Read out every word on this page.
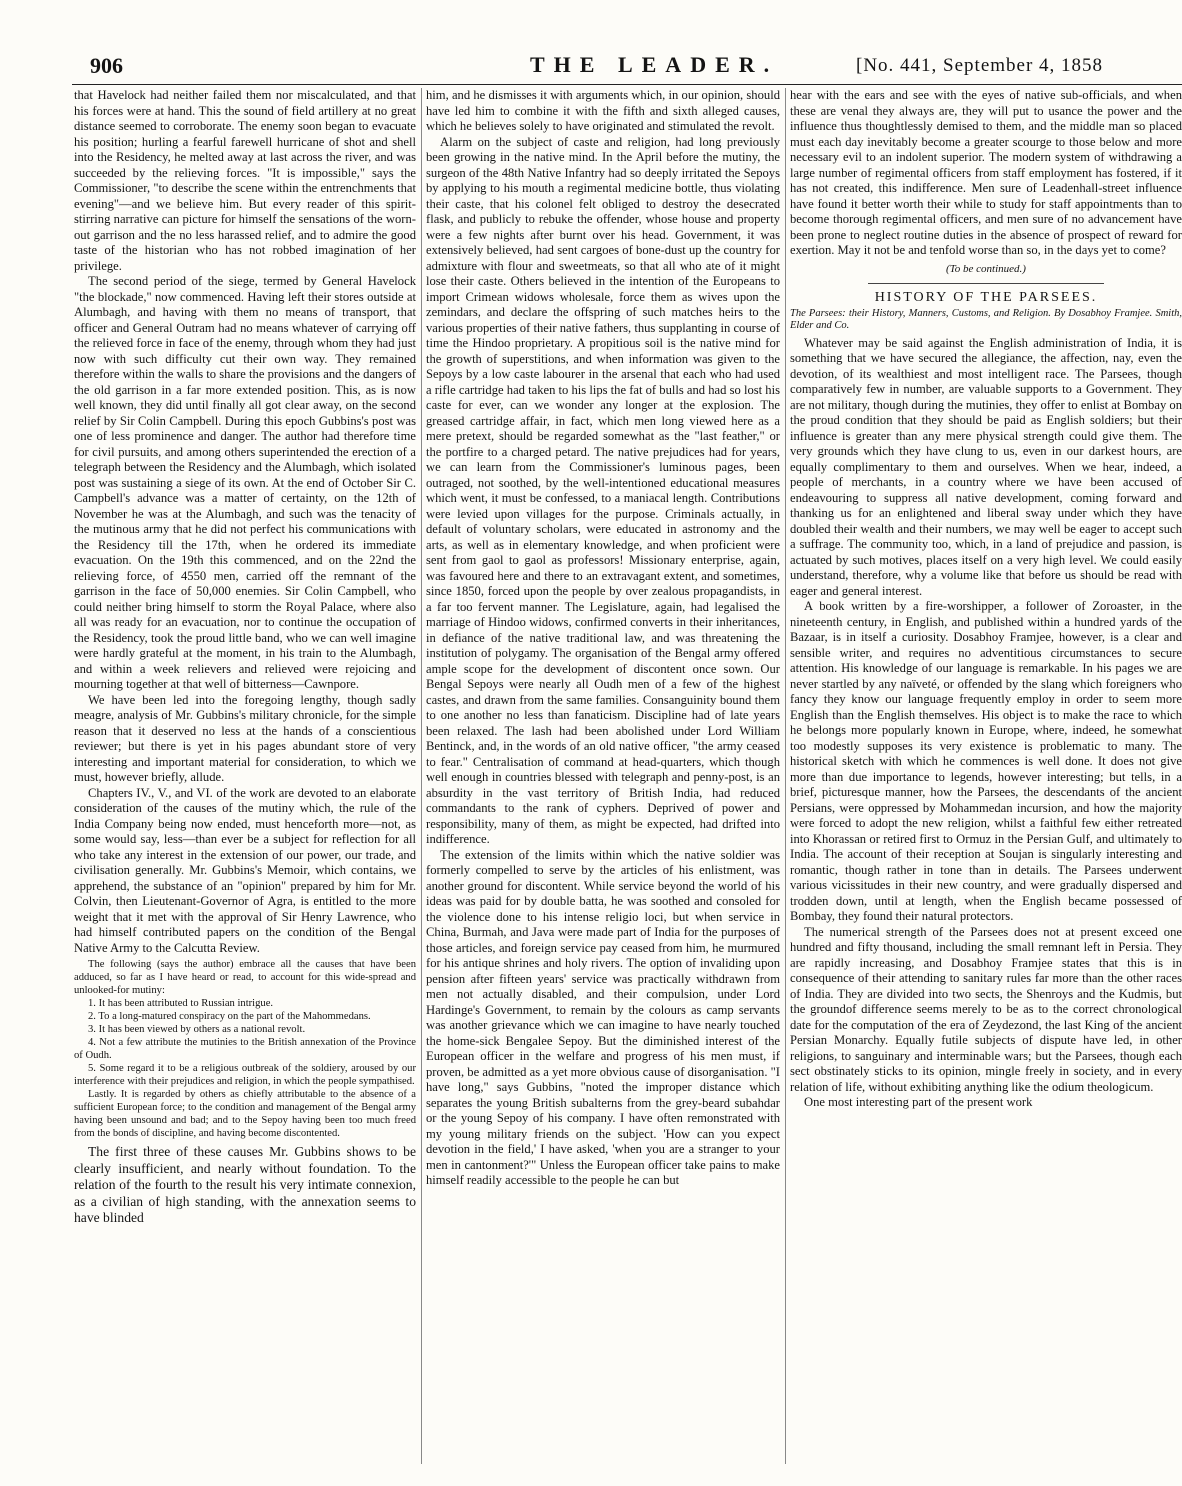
906	THE LEADER.	[No. 441, September 4, 1858

that Havelock had neither failed them nor miscalculated, and that his forces were at hand. This the sound of field artillery at no great distance seemed to corroborate. The enemy soon began to evacuate his position; hurling a fearful farewell hurricane of shot and shell into the Residency, he melted away at last across the river, and was succeeded by the relieving forces. "It is impossible," says the Commissioner, "to describe the scene within the entrenchments that evening"—and we believe him. But every reader of this spirit-stirring narrative can picture for himself the sensations of the worn-out garrison and the no less harassed relief, and to admire the good taste of the historian who has not robbed imagination of her privilege.

The second period of the siege, termed by General Havelock "the blockade," now commenced. Having left their stores outside at Alumbagh, and having with them no means of transport, that officer and General Outram had no means whatever of carrying off the relieved force in face of the enemy, through whom they had just now with such difficulty cut their own way. They remained therefore within the walls to share the provisions and the dangers of the old garrison in a far more extended position. This, as is now well known, they did until finally all got clear away, on the second relief by Sir Colin Campbell. During this epoch Gubbins's post was one of less prominence and danger. The author had therefore time for civil pursuits, and among others superintended the erection of a telegraph between the Residency and the Alumbagh, which isolated post was sustaining a siege of its own. At the end of October Sir C. Campbell's advance was a matter of certainty, on the 12th of November he was at the Alumbagh, and such was the tenacity of the mutinous army that he did not perfect his communications with the Residency till the 17th, when he ordered its immediate evacuation. On the 19th this commenced, and on the 22nd the relieving force, of 4550 men, carried off the remnant of the garrison in the face of 50,000 enemies. Sir Colin Campbell, who could neither bring himself to storm the Royal Palace, where also all was ready for an evacuation, nor to continue the occupation of the Residency, took the proud little band, who we can well imagine were hardly grateful at the moment, in his train to the Alumbagh, and within a week relievers and relieved were rejoicing and mourning together at that well of bitterness—Cawnpore.

We have been led into the foregoing lengthy, though sadly meagre, analysis of Mr. Gubbins's military chronicle, for the simple reason that it deserved no less at the hands of a conscientious reviewer; but there is yet in his pages abundant store of very interesting and important material for consideration, to which we must, however briefly, allude.

Chapters IV., V., and VI. of the work are devoted to an elaborate consideration of the causes of the mutiny which, the rule of the India Company being now ended, must henceforth more—not, as some would say, less—than ever be a subject for reflection for all who take any interest in the extension of our power, our trade, and civilisation generally. Mr. Gubbins's Memoir, which contains, we apprehend, the substance of an "opinion" prepared by him for Mr. Colvin, then Lieutenant-Governor of Agra, is entitled to the more weight that it met with the approval of Sir Henry Lawrence, who had himself contributed papers on the condition of the Bengal Native Army to the Calcutta Review.

The following (says the author) embrace all the causes that have been adduced, so far as I have heard or read, to account for this wide-spread and unlooked-for mutiny:

1. It has been attributed to Russian intrigue.

2. To a long-matured conspiracy on the part of the Mahommedans.

3. It has been viewed by others as a national revolt.

4. Not a few attribute the mutinies to the British annexation of the Province of Oudh.

5. Some regard it to be a religious outbreak of the soldiery, aroused by our interference with their prejudices and religion, in which the people sympathised.

Lastly. It is regarded by others as chiefly attributable to the absence of a sufficient European force; to the condition and management of the Bengal army having been unsound and bad; and to the Sepoy having been too much freed from the bonds of discipline, and having become discontented.

The first three of these causes Mr. Gubbins shows to be clearly insufficient, and nearly without foundation. To the relation of the fourth to the result his very intimate connexion, as a civilian of high standing, with the annexation seems to have blinded

him, and he dismisses it with arguments which, in our opinion, should have led him to combine it with the fifth and sixth alleged causes, which he believes solely to have originated and stimulated the revolt.

Alarm on the subject of caste and religion, had long previously been growing in the native mind. In the April before the mutiny, the surgeon of the 48th Native Infantry had so deeply irritated the Sepoys by applying to his mouth a regimental medicine bottle, thus violating their caste, that his colonel felt obliged to destroy the desecrated flask, and publicly to rebuke the offender, whose house and property were a few nights after burnt over his head. Government, it was extensively believed, had sent cargoes of bone-dust up the country for admixture with flour and sweetmeats, so that all who ate of it might lose their caste. Others believed in the intention of the Europeans to import Crimean widows wholesale, force them as wives upon the zemindars, and declare the offspring of such matches heirs to the various properties of their native fathers, thus supplanting in course of time the Hindoo proprietary. A propitious soil is the native mind for the growth of superstitions, and when information was given to the Sepoys by a low caste labourer in the arsenal that each who had used a rifle cartridge had taken to his lips the fat of bulls and had so lost his caste for ever, can we wonder any longer at the explosion. The greased cartridge affair, in fact, which men long viewed here as a mere pretext, should be regarded somewhat as the "last feather," or the portfire to a charged petard. The native prejudices had for years, we can learn from the Commissioner's luminous pages, been outraged, not soothed, by the well-intentioned educational measures which went, it must be confessed, to a maniacal length. Contributions were levied upon villages for the purpose. Criminals actually, in default of voluntary scholars, were educated in astronomy and the arts, as well as in elementary knowledge, and when proficient were sent from gaol to gaol as professors! Missionary enterprise, again, was favoured here and there to an extravagant extent, and sometimes, since 1850, forced upon the people by over zealous propagandists, in a far too fervent manner. The Legislature, again, had legalised the marriage of Hindoo widows, confirmed converts in their inheritances, in defiance of the native traditional law, and was threatening the institution of polygamy. The organisation of the Bengal army offered ample scope for the development of discontent once sown. Our Bengal Sepoys were nearly all Oudh men of a few of the highest castes, and drawn from the same families. Consanguinity bound them to one another no less than fanaticism. Discipline had of late years been relaxed. The lash had been abolished under Lord William Bentinck, and, in the words of an old native officer, "the army ceased to fear." Centralisation of command at head-quarters, which though well enough in countries blessed with telegraph and penny-post, is an absurdity in the vast territory of British India, had reduced commandants to the rank of cyphers. Deprived of power and responsibility, many of them, as might be expected, had drifted into indifference.

The extension of the limits within which the native soldier was formerly compelled to serve by the articles of his enlistment, was another ground for discontent. While service beyond the world of his ideas was paid for by double batta, he was soothed and consoled for the violence done to his intense religio loci, but when service in China, Burmah, and Java were made part of India for the purposes of those articles, and foreign service pay ceased from him, he murmured for his antique shrines and holy rivers. The option of invaliding upon pension after fifteen years' service was practically withdrawn from men not actually disabled, and their compulsion, under Lord Hardinge's Government, to remain by the colours as camp servants was another grievance which we can imagine to have nearly touched the home-sick Bengalee Sepoy. But the diminished interest of the European officer in the welfare and progress of his men must, if proven, be admitted as a yet more obvious cause of disorganisation. "I have long," says Gubbins, "noted the improper distance which separates the young British subalterns from the grey-beard subahdar or the young Sepoy of his company. I have often remonstrated with my young military friends on the subject. 'How can you expect devotion in the field,' I have asked, 'when you are a stranger to your men in cantonment?'" Unless the European officer take pains to make himself readily accessible to the people he can but

hear with the ears and see with the eyes of native sub-officials, and when these are venal they always are, they will put to usance the power and the influence thus thoughtlessly demised to them, and the middle man so placed must each day inevitably become a greater scourge to those below and more necessary evil to an indolent superior. The modern system of withdrawing a large number of regimental officers from staff employment has fostered, if it has not created, this indifference. Men sure of Leadenhall-street influence have found it better worth their while to study for staff appointments than to become thorough regimental officers, and men sure of no advancement have been prone to neglect routine duties in the absence of prospect of reward for exertion. May it not be and tenfold worse than so, in the days yet to come?

(To be continued.)
HISTORY OF THE PARSEES.

The Parsees: their History, Manners, Customs, and Religion. By Dosabhoy Framjee. Smith, Elder and Co.

Whatever may be said against the English administration of India, it is something that we have secured the allegiance, the affection, nay, even the devotion, of its wealthiest and most intelligent race. The Parsees, though comparatively few in number, are valuable supports to a Government. They are not military, though during the mutinies, they offer to enlist at Bombay on the proud condition that they should be paid as English soldiers; but their influence is greater than any mere physical strength could give them. The very grounds which they have clung to us, even in our darkest hours, are equally complimentary to them and ourselves. When we hear, indeed, a people of merchants, in a country where we have been accused of endeavouring to suppress all native development, coming forward and thanking us for an enlightened and liberal sway under which they have doubled their wealth and their numbers, we may well be eager to accept such a suffrage. The community too, which, in a land of prejudice and passion, is actuated by such motives, places itself on a very high level. We could easily understand, therefore, why a volume like that before us should be read with eager and general interest.

A book written by a fire-worshipper, a follower of Zoroaster, in the nineteenth century, in English, and published within a hundred yards of the Bazaar, is in itself a curiosity. Dosabhoy Framjee, however, is a clear and sensible writer, and requires no adventitious circumstances to secure attention. His knowledge of our language is remarkable. In his pages we are never startled by any naïveté, or offended by the slang which foreigners who fancy they know our language frequently employ in order to seem more English than the English themselves. His object is to make the race to which he belongs more popularly known in Europe, where, indeed, he somewhat too modestly supposes its very existence is problematic to many. The historical sketch with which he commences is well done. It does not give more than due importance to legends, however interesting; but tells, in a brief, picturesque manner, how the Parsees, the descendants of the ancient Persians, were oppressed by Mohammedan incursion, and how the majority were forced to adopt the new religion, whilst a faithful few either retreated into Khorassan or retired first to Ormuz in the Persian Gulf, and ultimately to India. The account of their reception at Soujan is singularly interesting and romantic, though rather in tone than in details. The Parsees underwent various vicissitudes in their new country, and were gradually dispersed and trodden down, until at length, when the English became possessed of Bombay, they found their natural protectors.

The numerical strength of the Parsees does not at present exceed one hundred and fifty thousand, including the small remnant left in Persia. They are rapidly increasing, and Dosabhoy Framjee states that this is in consequence of their attending to sanitary rules far more than the other races of India. They are divided into two sects, the Shenroys and the Kudmis, but the groundof difference seems merely to be as to the correct chronological date for the computation of the era of Zeydezond, the last King of the ancient Persian Monarchy. Equally futile subjects of dispute have led, in other religions, to sanguinary and interminable wars; but the Parsees, though each sect obstinately sticks to its opinion, mingle freely in society, and in every relation of life, without exhibiting anything like the odium theologicum.

One most interesting part of the present work
